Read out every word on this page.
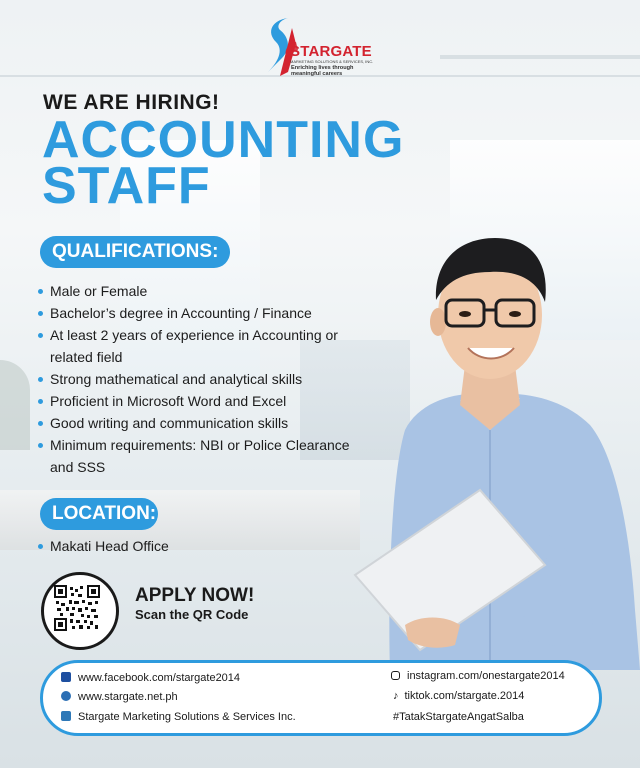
STARGATE
MARKETING SOLUTIONS & SERVICES, INC.
Enriching lives through meaningful careers
WE ARE HIRING!
ACCOUNTING
STAFF
QUALIFICATIONS:
Male or Female
Bachelor’s degree in Accounting / Finance
At least 2 years of experience in Accounting or related field
Strong mathematical and analytical skills
Proficient in Microsoft Word and Excel
Good writing and communication skills
Minimum requirements: NBI or Police Clearance and SSS
LOCATION:
Makati Head Office
APPLY NOW!
Scan the QR Code
www.facebook.com/stargate2014
www.stargate.net.ph
Stargate Marketing Solutions & Services Inc.
instagram.com/onestargate2014
♪ tiktok.com/stargate.2014
#TatakStargateAngatSalba
